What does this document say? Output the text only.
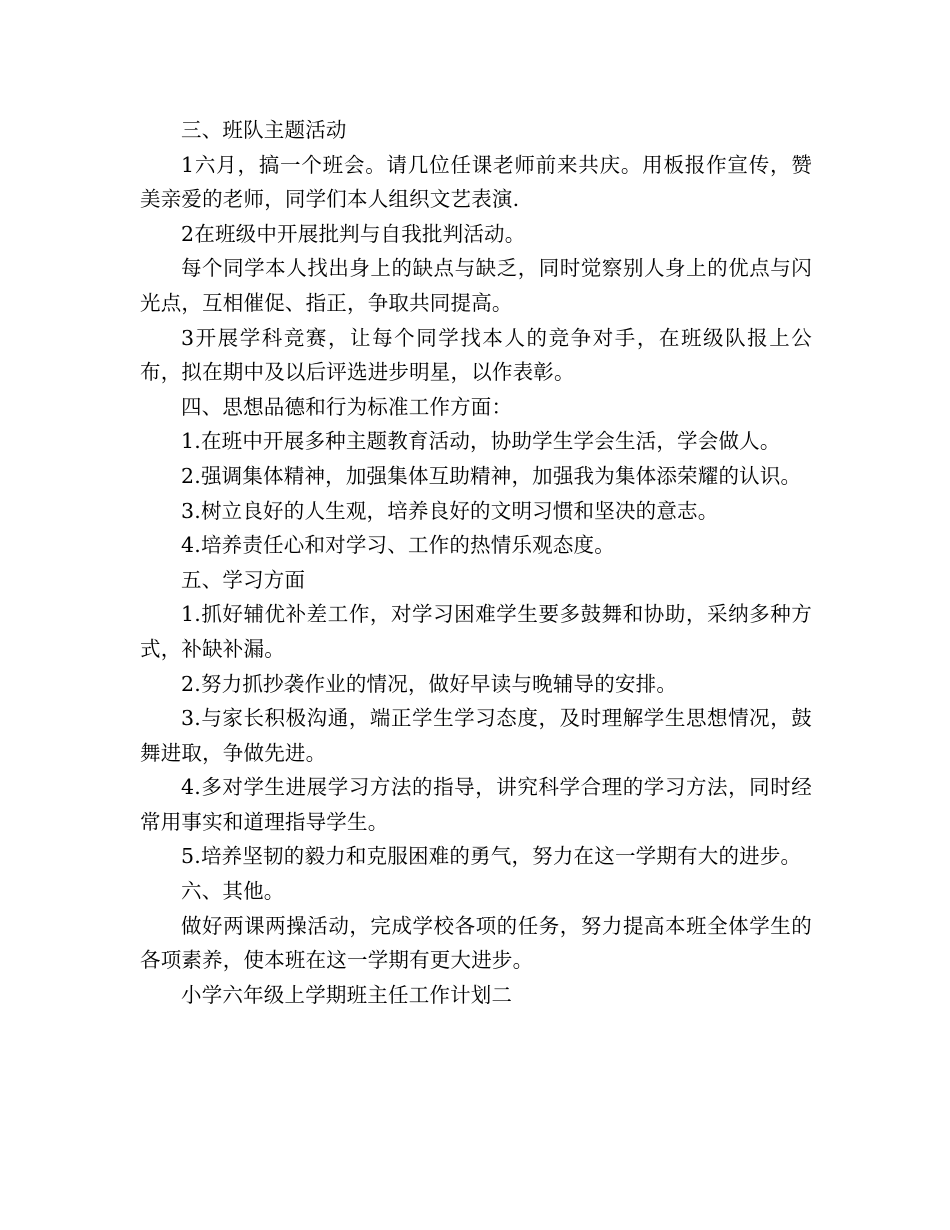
三、班队主题活动

1六月，搞一个班会。请几位任课老师前来共庆。用板报作宣传，赞美亲爱的老师，同学们本人组织文艺表演.

2在班级中开展批判与自我批判活动。

每个同学本人找出身上的缺点与缺乏，同时觉察别人身上的优点与闪光点，互相催促、指正，争取共同提高。

3开展学科竞赛，让每个同学找本人的竞争对手，在班级队报上公布，拟在期中及以后评选进步明星，以作表彰。

四、思想品德和行为标准工作方面：

1.在班中开展多种主题教育活动，协助学生学会生活，学会做人。

2.强调集体精神，加强集体互助精神，加强我为集体添荣耀的认识。

3.树立良好的人生观，培养良好的文明习惯和坚决的意志。

4.培养责任心和对学习、工作的热情乐观态度。

五、学习方面

1.抓好辅优补差工作，对学习困难学生要多鼓舞和协助，采纳多种方式，补缺补漏。

2.努力抓抄袭作业的情况，做好早读与晚辅导的安排。

3.与家长积极沟通，端正学生学习态度，及时理解学生思想情况，鼓舞进取，争做先进。

4.多对学生进展学习方法的指导，讲究科学合理的学习方法，同时经常用事实和道理指导学生。

5.培养坚韧的毅力和克服困难的勇气，努力在这一学期有大的进步。

六、其他。

做好两课两操活动，完成学校各项的任务，努力提高本班全体学生的各项素养，使本班在这一学期有更大进步。

小学六年级上学期班主任工作计划二
